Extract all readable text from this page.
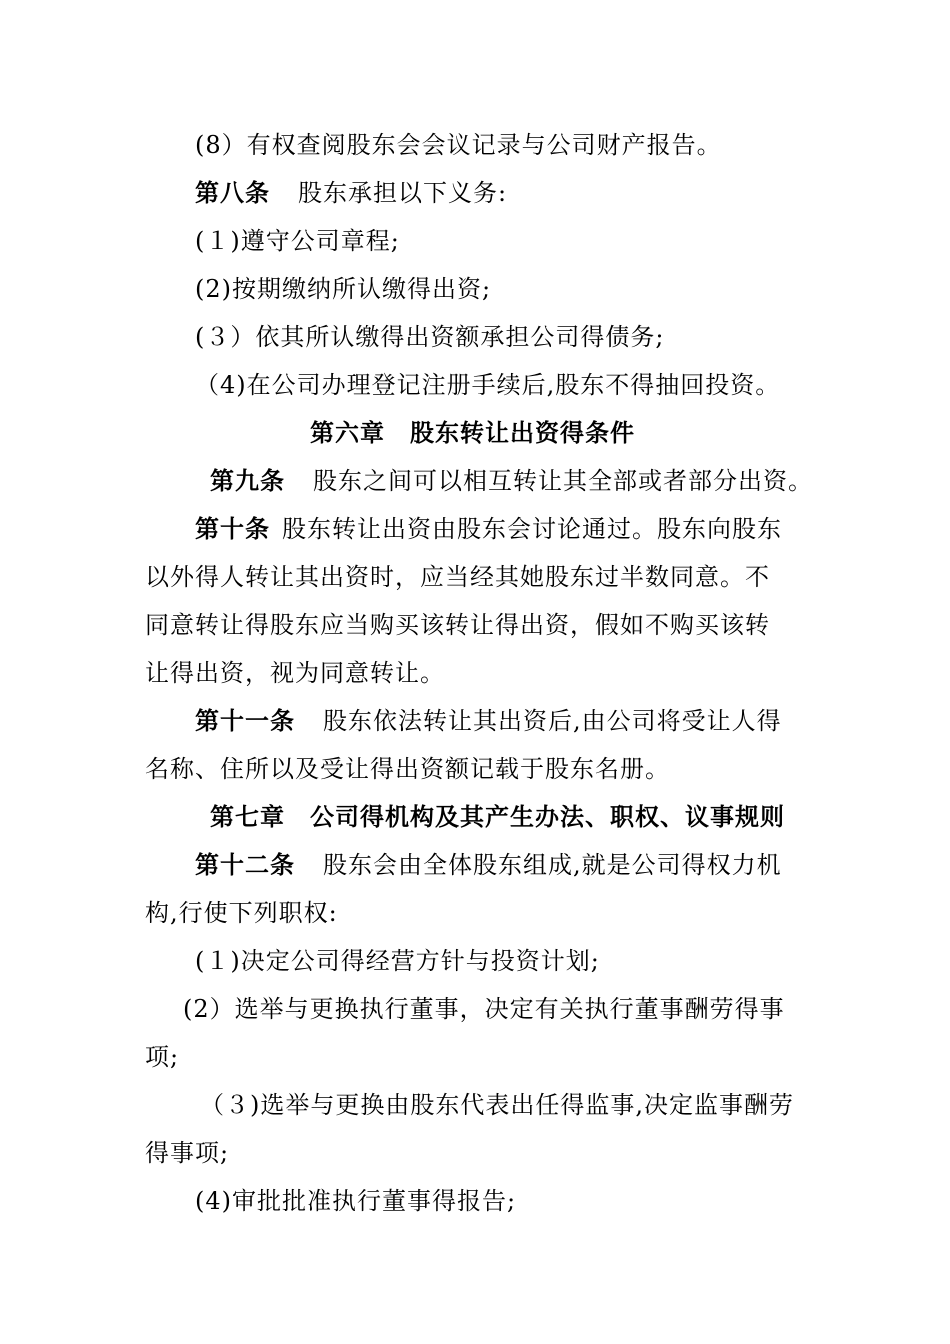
(8）有权查阅股东会会议记录与公司财产报告。
第八条 股东承担以下义务:
(１)遵守公司章程;
(2)按期缴纳所认缴得出资;
(３）依其所认缴得出资额承担公司得债务;
（4)在公司办理登记注册手续后,股东不得抽回投资。
第六章　股东转让出资得条件
第九条 股东之间可以相互转让其全部或者部分出资。
第十条 股东转让出资由股东会讨论通过。股东向股东
以外得人转让其出资时，应当经其她股东过半数同意。不
同意转让得股东应当购买该转让得出资，假如不购买该转
让得出资，视为同意转让。
第十一条 股东依法转让其出资后,由公司将受让人得
名称、住所以及受让得出资额记载于股东名册。
第七章　公司得机构及其产生办法、职权、议事规则
第十二条 股东会由全体股东组成,就是公司得权力机
构,行使下列职权:
(１)决定公司得经营方针与投资计划;
(2）选举与更换执行董事，决定有关执行董事酬劳得事
项;
（３)选举与更换由股东代表出任得监事,决定监事酬劳
得事项;
(4)审批批准执行董事得报告;
